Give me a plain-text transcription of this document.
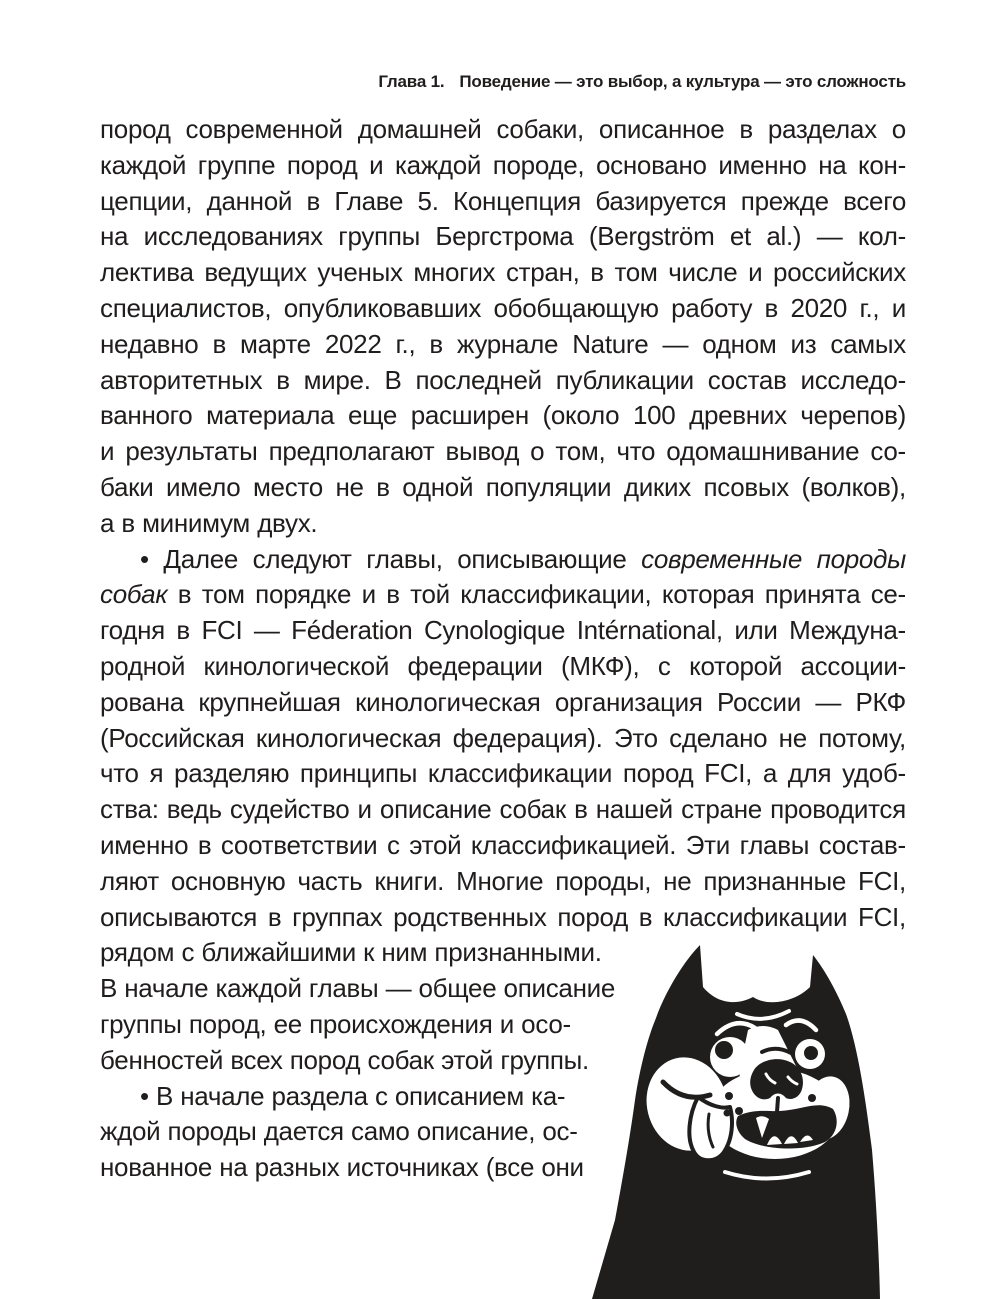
Глава 1. Поведение — это выбор, а культура — это сложность
пород современной домашней собаки, описанное в разделах о
каждой группе пород и каждой породе, основано именно на кон-
цепции, данной в Главе 5. Концепция базируется прежде всего
на исследованиях группы Бергстрома (Bergström et al.) — кол-
лектива ведущих ученых многих стран, в том числе и российских
специалистов, опубликовавших обобщающую работу в 2020 г., и
недавно в марте 2022 г., в журнале Nature — одном из самых
авторитетных в мире. В последней публикации состав исследо-
ванного материала еще расширен (около 100 древних черепов)
и результаты предполагают вывод о том, что одомашнивание со-
баки имело место не в одной популяции диких псовых (волков),
а в минимум двух.
• Далее следуют главы, описывающие современные породы
собак в том порядке и в той классификации, которая принята се-
годня в FCI — Féderation Cynologique Intérnational, или Междуна-
родной кинологической федерации (МКФ), с которой ассоции-
рована крупнейшая кинологическая организация России — РКФ
(Российская кинологическая федерация). Это сделано не потому,
что я разделяю принципы классификации пород FCI, а для удоб-
ства: ведь судейство и описание собак в нашей стране проводится
именно в соответствии с этой классификацией. Эти главы состав-
ляют основную часть книги. Многие породы, не признанные FCI,
описываются в группах родственных пород в классификации FCI,
рядом с ближайшими к ним признанными.
В начале каждой главы — общее описание
группы пород, ее происхождения и осо-
бенностей всех пород собак этой группы.
• В начале раздела с описанием ка-
ждой породы дается само описание, ос-
нованное на разных источниках (все они
